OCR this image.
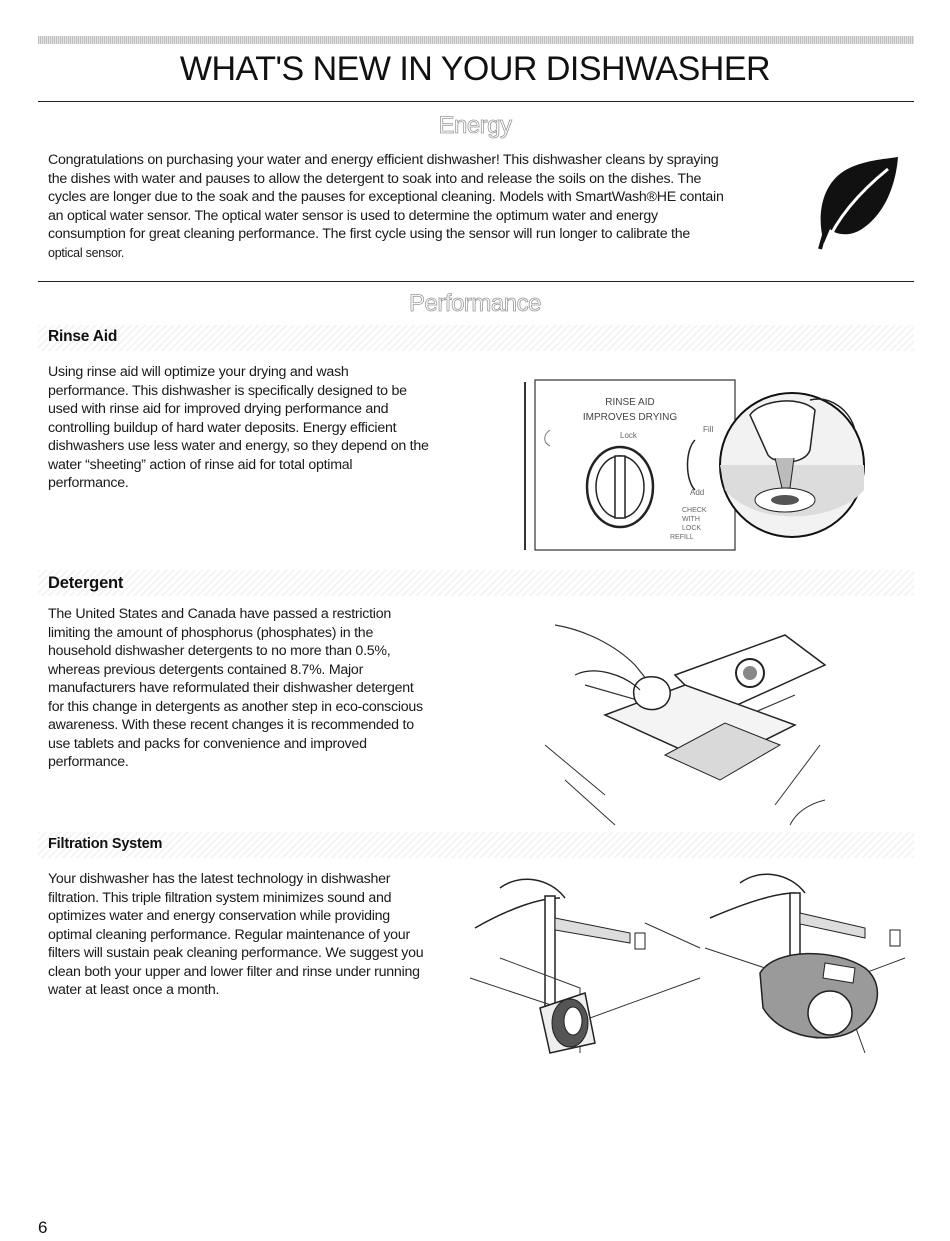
WHAT'S NEW IN YOUR DISHWASHER
Energy

Congratulations on purchasing your water and energy efficient dishwasher! This dishwasher cleans by spraying

the dishes with water and pauses to allow the detergent to soak into and release the soils on the dishes. The

cycles are longer due to the soak and the pauses for exceptional cleaning. Models with SmartWash®HE contain

an optical water sensor. The optical water sensor is used to determine the optimum water and energy

consumption for great cleaning performance. The first cycle using the sensor will run longer to calibrate the

optical sensor.

Performance
Rinse Aid

Using rinse aid will optimize your drying and wash

performance. This dishwasher is specifically designed to be

used with rinse aid for improved drying performance and

controlling buildup of hard water deposits. Energy efficient

dishwashers use less water and energy, so they depend on the

water “sheeting” action of rinse aid for total optimal

performance.

RINSE AID
IMPROVES DRYING
Lock
Fill
Add
CHECK
WITH
LOCK
REFILL
Detergent

The United States and Canada have passed a restriction

limiting the amount of phosphorus (phosphates) in the

household dishwasher detergents to no more than 0.5%,

whereas previous detergents contained 8.7%. Major

manufacturers have reformulated their dishwasher detergent

for this change in detergents as another step in eco-conscious

awareness. With these recent changes it is recommended to

use tablets and packs for convenience and improved

performance.

Filtration System

Your dishwasher has the latest technology in dishwasher

filtration. This triple filtration system minimizes sound and

optimizes water and energy conservation while providing

optimal cleaning performance. Regular maintenance of your

filters will sustain peak cleaning performance. We suggest you

clean both your upper and lower filter and rinse under running

water at least once a month.

6
